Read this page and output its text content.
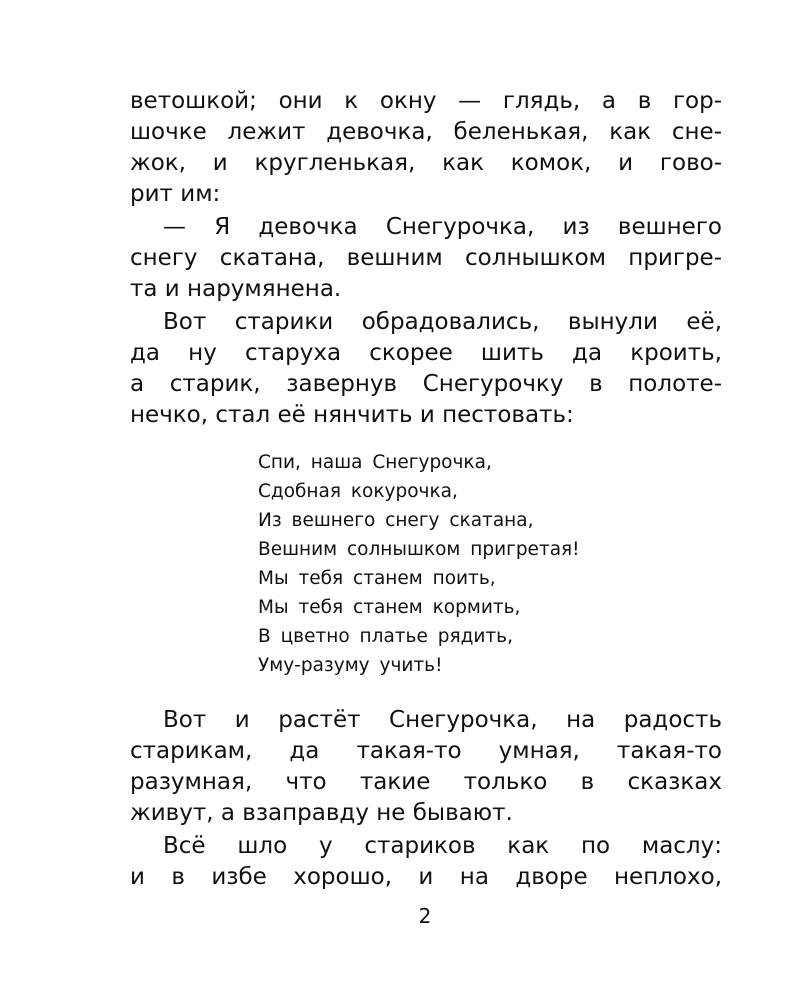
ветошкой; они к окну — глядь, а в гор-
шочке лежит девочка, беленькая, как сне-
жок, и кругленькая, как комок, и гово-
рит им:
— Я девочка Снегурочка, из вешнего
снегу скатана, вешним солнышком пригре-
та и нарумянена.
Вот старики обрадовались, вынули её,
да ну старуха скорее шить да кроить,
а старик, завернув Снегурочку в полоте-
нечко, стал её нянчить и пестовать:
Спи, наша Снегурочка,
Сдобная кокурочка,
Из вешнего снегу скатана,
Вешним солнышком пригретая!
Мы тебя станем поить,
Мы тебя станем кормить,
В цветно платье рядить,
Уму-разуму учить!
Вот и растёт Снегурочка, на радость
старикам, да такая-то умная, такая-то
разумная, что такие только в сказках
живут, а взаправду не бывают.
Всё шло у стариков как по маслу:
и в избе хорошо, и на дворе неплохо,
2
